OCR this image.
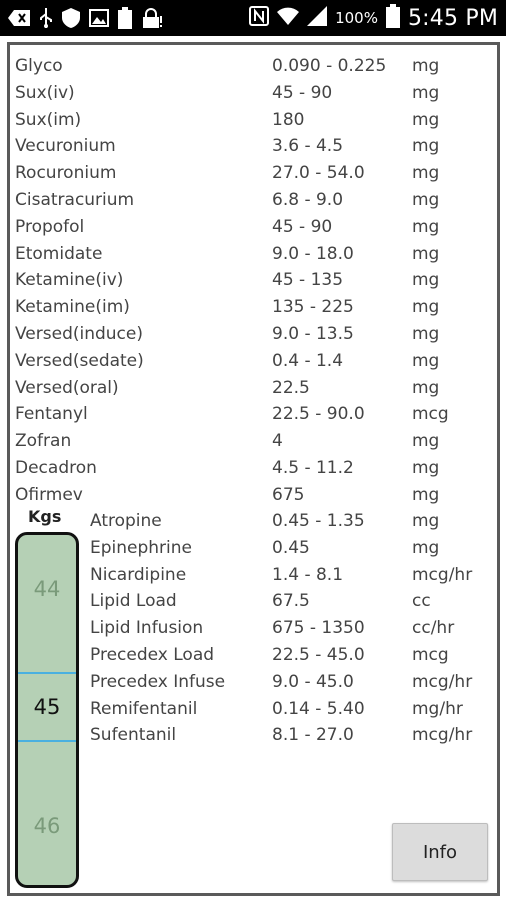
100% 5:45 PM
Glyco	0.090 - 0.225 mg
Sux(iv)	45 - 90	mg
Sux(im)	180	mg
Vecuronium	3.6 - 4.5	mg
Rocuronium	27.0 - 54.0	mg
Cisatracurium	6.8 - 9.0	mg
Propofol	45 - 90	mg
Etomidate	9.0 - 18.0	mg
Ketamine(iv)	45 - 135	mg
Ketamine(im)	135 - 225	mg
Versed(induce)	9.0 - 13.5	mg
Versed(sedate)	0.4 - 1.4	mg
Versed(oral)	22.5	mg
Fentanyl	22.5 - 90.0	mcg
Zofran	4	mg
Decadron	4.5 - 11.2	mg
Ofirmev	675	mg
Atropine	0.45 - 1.35	mg
Epinephrine	0.45	mg
Nicardipine	1.4 - 8.1	mcg/hr
Lipid Load	67.5	cc
Lipid Infusion	675 - 1350	cc/hr
Precedex Load	22.5 - 45.0	mcg
Precedex Infuse	9.0 - 45.0	mcg/hr
Remifentanil	0.14 - 5.40	mg/hr
Sufentanil	8.1 - 27.0	mcg/hr
Kgs
44
45
46
Info
